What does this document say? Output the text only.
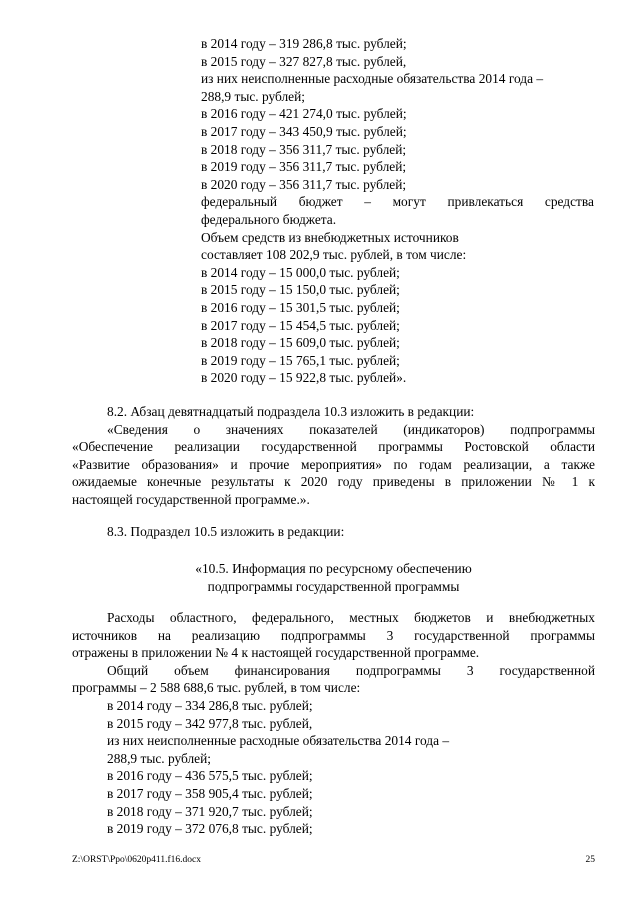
в 2014 году – 319 286,8 тыс. рублей;
в 2015 году – 327 827,8 тыс. рублей,
из них неисполненные расходные обязательства 2014 года –
288,9 тыс. рублей;
в 2016 году – 421 274,0 тыс. рублей;
в 2017 году – 343 450,9 тыс. рублей;
в 2018 году – 356 311,7 тыс. рублей;
в 2019 году – 356 311,7 тыс. рублей;
в 2020 году – 356 311,7 тыс. рублей;
федеральный бюджет – могут привлекаться средства
федерального бюджета.
Объем средств из внебюджетных источников
составляет 108 202,9 тыс. рублей, в том числе:
в 2014 году – 15 000,0 тыс. рублей;
в 2015 году – 15 150,0 тыс. рублей;
в 2016 году – 15 301,5 тыс. рублей;
в 2017 году – 15 454,5 тыс. рублей;
в 2018 году – 15 609,0 тыс. рублей;
в 2019 году – 15 765,1 тыс. рублей;
в 2020 году – 15 922,8 тыс. рублей».
8.2. Абзац девятнадцатый подраздела 10.3 изложить в редакции:
«Сведения о значениях показателей (индикаторов) подпрограммы
«Обеспечение реализации государственной программы Ростовской области
«Развитие образования» и прочие мероприятия» по годам реализации, а также
ожидаемые конечные результаты к 2020 году приведены в приложении № 1 к
настоящей государственной программе.».
8.3. Подраздел 10.5 изложить в редакции:
«10.5. Информация по ресурсному обеспечению
подпрограммы государственной программы
Расходы областного, федерального, местных бюджетов и внебюджетных
источников на реализацию подпрограммы 3 государственной программы
отражены в приложении № 4 к настоящей государственной программе.
Общий объем финансирования подпрограммы 3 государственной
программы – 2 588 688,6 тыс. рублей, в том числе:
в 2014 году – 334 286,8 тыс. рублей;
в 2015 году – 342 977,8 тыс. рублей,
из них неисполненные расходные обязательства 2014 года –
288,9 тыс. рублей;
в 2016 году – 436 575,5 тыс. рублей;
в 2017 году – 358 905,4 тыс. рублей;
в 2018 году – 371 920,7 тыс. рублей;
в 2019 году – 372 076,8 тыс. рублей;
Z:\ORST\Ppo\0620p411.f16.docx	25
